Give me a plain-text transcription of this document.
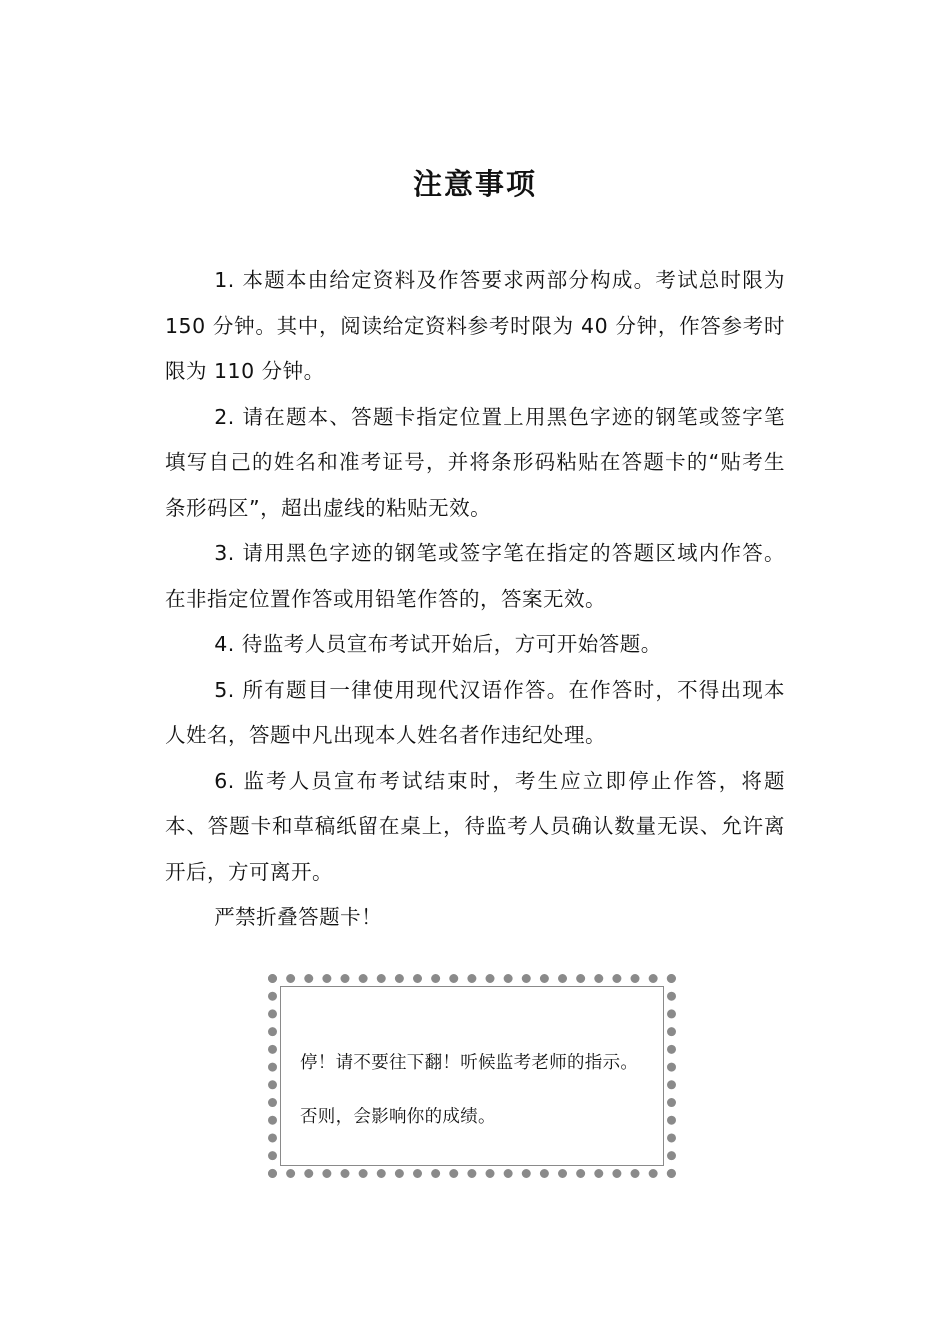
注意事项

1. 本题本由给定资料及作答要求两部分构成。考试总时限为 150 分钟。其中，阅读给定资料参考时限为 40 分钟，作答参考时限为 110 分钟。

2. 请在题本、答题卡指定位置上用黑色字迹的钢笔或签字笔填写自己的姓名和准考证号，并将条形码粘贴在答题卡的“贴考生条形码区”，超出虚线的粘贴无效。

3. 请用黑色字迹的钢笔或签字笔在指定的答题区域内作答。在非指定位置作答或用铅笔作答的，答案无效。

4. 待监考人员宣布考试开始后，方可开始答题。

5. 所有题目一律使用现代汉语作答。在作答时，不得出现本人姓名，答题中凡出现本人姓名者作违纪处理。

6. 监考人员宣布考试结束时，考生应立即停止作答，将题本、答题卡和草稿纸留在桌上，待监考人员确认数量无误、允许离开后，方可离开。

严禁折叠答题卡！

停！请不要往下翻！听候监考老师的指示。
否则，会影响你的成绩。
